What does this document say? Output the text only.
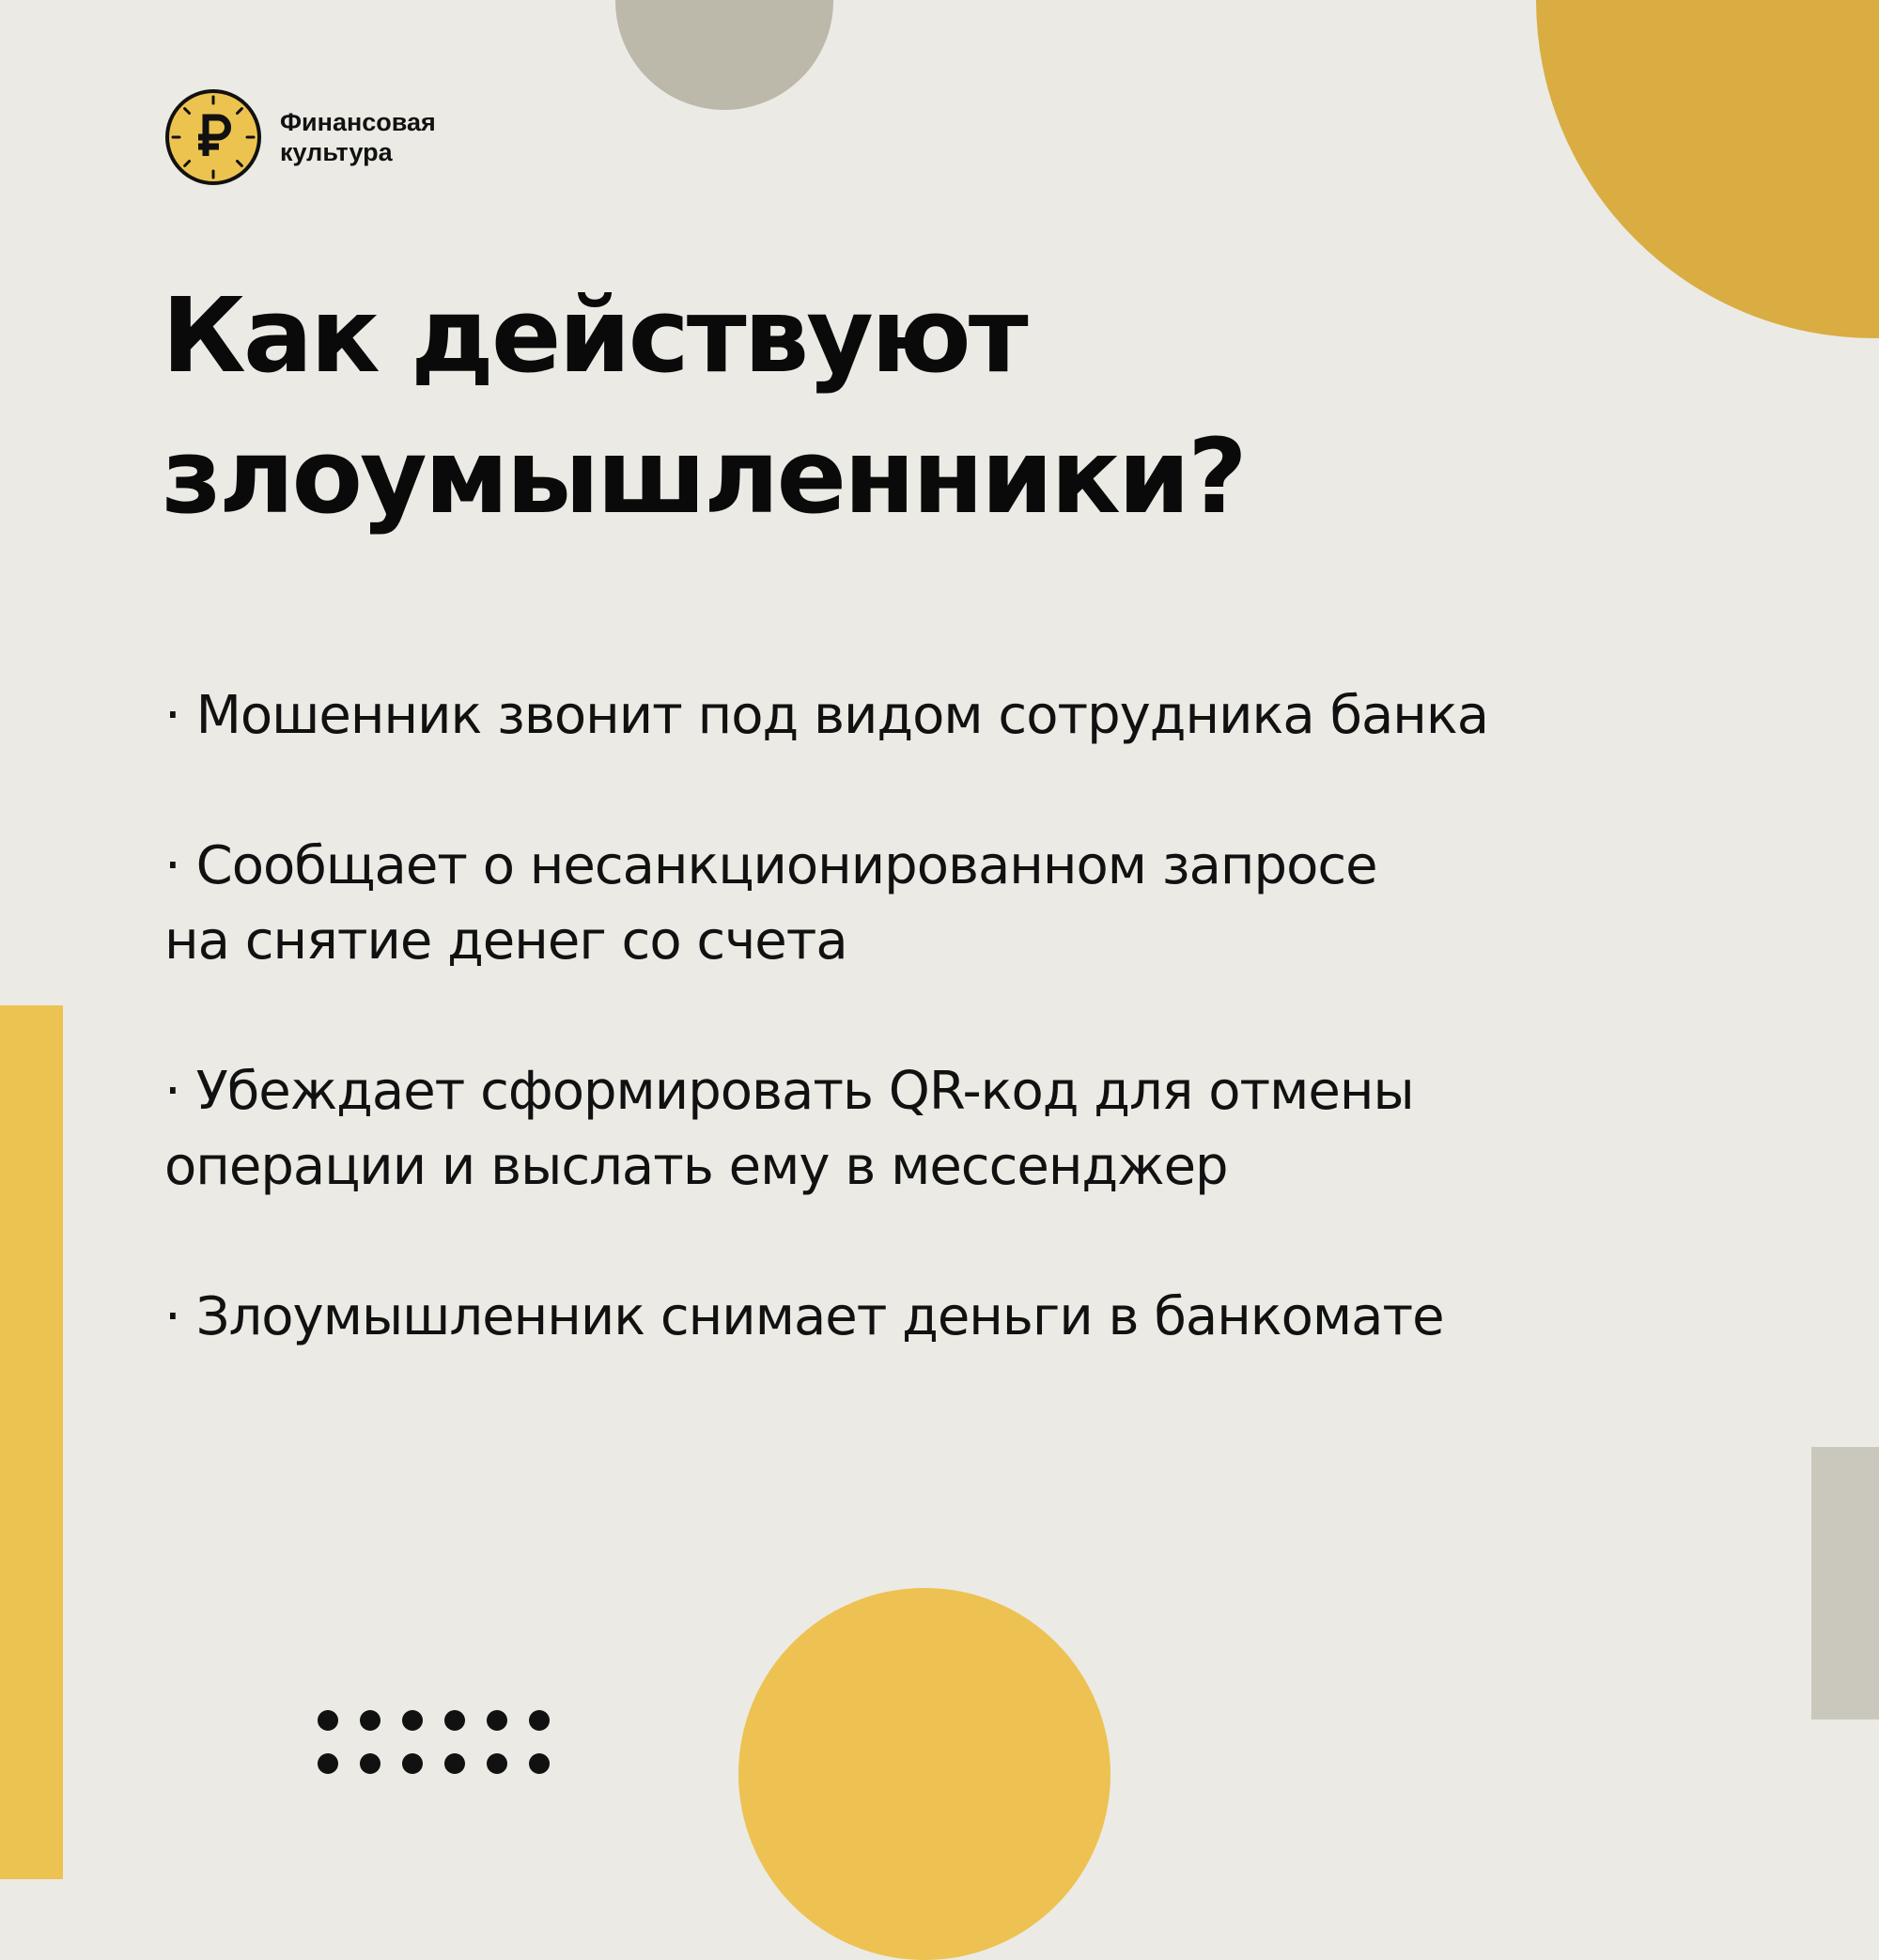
Финансовая
культура
Как действуют
злоумышленники?
· Мошенник звонит под видом сотрудника банка
· Сообщает о несанкционированном запросе
на снятие денег со счета
· Убеждает сформировать QR-код для отмены
операции и выслать ему в мессенджер
· Злоумышленник снимает деньги в банкомате
